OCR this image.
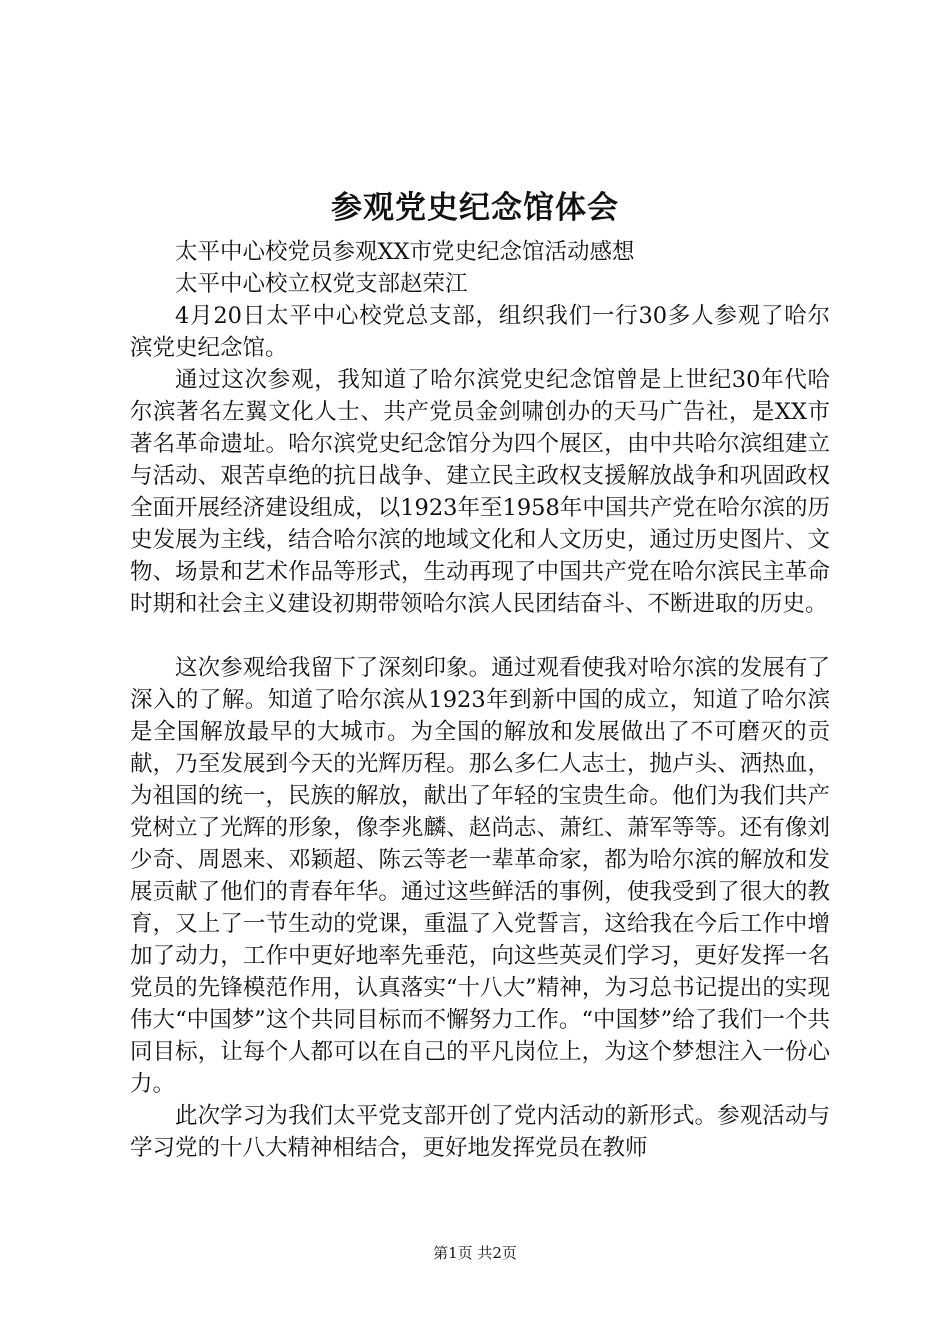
参观党史纪念馆体会

太平中心校党员参观XX市党史纪念馆活动感想

太平中心校立权党支部赵荣江

4月20日太平中心校党总支部，组织我们一行30多人参观了哈尔滨党史纪念馆。

通过这次参观，我知道了哈尔滨党史纪念馆曾是上世纪30年代哈尔滨著名左翼文化人士、共产党员金剑啸创办的天马广告社，是XX市著名革命遗址。哈尔滨党史纪念馆分为四个展区，由中共哈尔滨组建立与活动、艰苦卓绝的抗日战争、建立民主政权支援解放战争和巩固政权全面开展经济建设组成，以1923年至1958年中国共产党在哈尔滨的历史发展为主线，结合哈尔滨的地域文化和人文历史，通过历史图片、文物、场景和艺术作品等形式，生动再现了中国共产党在哈尔滨民主革命时期和社会主义建设初期带领哈尔滨人民团结奋斗、不断进取的历史。

这次参观给我留下了深刻印象。通过观看使我对哈尔滨的发展有了深入的了解。知道了哈尔滨从1923年到新中国的成立，知道了哈尔滨是全国解放最早的大城市。为全国的解放和发展做出了不可磨灭的贡献，乃至发展到今天的光辉历程。那么多仁人志士，抛卢头、洒热血，为祖国的统一，民族的解放，献出了年轻的宝贵生命。他们为我们共产党树立了光辉的形象，像李兆麟、赵尚志、萧红、萧军等等。还有像刘少奇、周恩来、邓颖超、陈云等老一辈革命家，都为哈尔滨的解放和发展贡献了他们的青春年华。通过这些鲜活的事例，使我受到了很大的教育，又上了一节生动的党课，重温了入党誓言，这给我在今后工作中增加了动力，工作中更好地率先垂范，向这些英灵们学习，更好发挥一名党员的先锋模范作用，认真落实“十八大”精神，为习总书记提出的实现伟大“中国梦”这个共同目标而不懈努力工作。“中国梦”给了我们一个共同目标，让每个人都可以在自己的平凡岗位上，为这个梦想注入一份心力。

此次学习为我们太平党支部开创了党内活动的新形式。参观活动与学习党的十八大精神相结合，更好地发挥党员在教师

第1页 共2页
